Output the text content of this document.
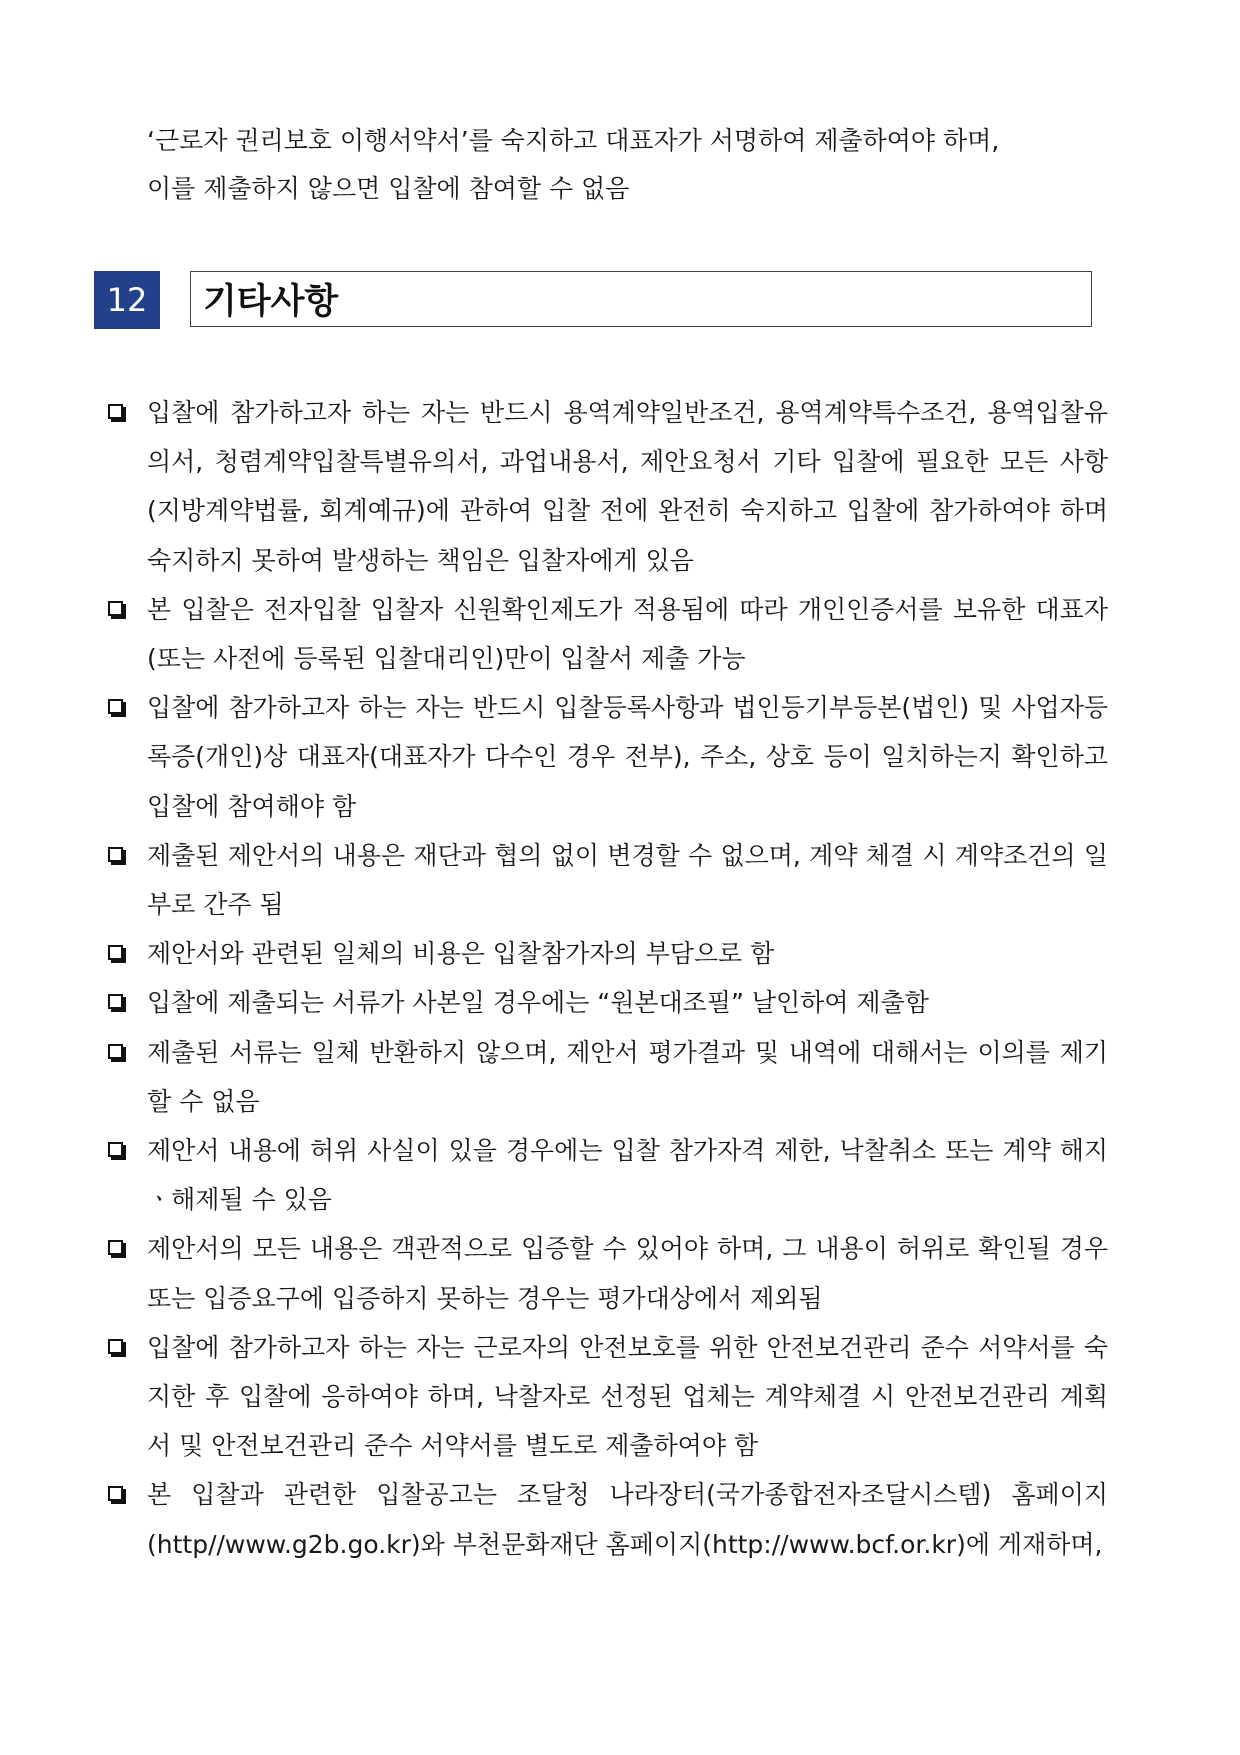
‘근로자 권리보호 이행서약서’를 숙지하고 대표자가 서명하여 제출하여야 하며,

이를 제출하지 않으면 입찰에 참여할 수 없음

12	기타사항
입찰에 참가하고자 하는 자는 반드시 용역계약일반조건, 용역계약특수조건, 용역입찰유의서, 청렴계약입찰특별유의서, 과업내용서, 제안요청서 기타 입찰에 필요한 모든 사항(지방계약법률, 회계예규)에 관하여 입찰 전에 완전히 숙지하고 입찰에 참가하여야 하며 숙지하지 못하여 발생하는 책임은 입찰자에게 있음
본 입찰은 전자입찰 입찰자 신원확인제도가 적용됨에 따라 개인인증서를 보유한 대표자(또는 사전에 등록된 입찰대리인)만이 입찰서 제출 가능
입찰에 참가하고자 하는 자는 반드시 입찰등록사항과 법인등기부등본(법인) 및 사업자등록증(개인)상 대표자(대표자가 다수인 경우 전부), 주소, 상호 등이 일치하는지 확인하고 입찰에 참여해야 함
제출된 제안서의 내용은 재단과 협의 없이 변경할 수 없으며, 계약 체결 시 계약조건의 일부로 간주 됨
제안서와 관련된 일체의 비용은 입찰참가자의 부담으로 함
입찰에 제출되는 서류가 사본일 경우에는 “원본대조필” 날인하여 제출함
제출된 서류는 일체 반환하지 않으며, 제안서 평가결과 및 내역에 대해서는 이의를 제기할 수 없음
제안서 내용에 허위 사실이 있을 경우에는 입찰 참가자격 제한, 낙찰취소 또는 계약 해지ㆍ해제될 수 있음
제안서의 모든 내용은 객관적으로 입증할 수 있어야 하며, 그 내용이 허위로 확인될 경우 또는 입증요구에 입증하지 못하는 경우는 평가대상에서 제외됨
입찰에 참가하고자 하는 자는 근로자의 안전보호를 위한 안전보건관리 준수 서약서를 숙지한 후 입찰에 응하여야 하며, 낙찰자로 선정된 업체는 계약체결 시 안전보건관리 계획서 및 안전보건관리 준수 서약서를 별도로 제출하여야 함
본 입찰과 관련한 입찰공고는 조달청 나라장터(국가종합전자조달시스템) 홈페이지 (http//www.g2b.go.kr)와 부천문화재단 홈페이지(http://www.bcf.or.kr)에 게재하며,
